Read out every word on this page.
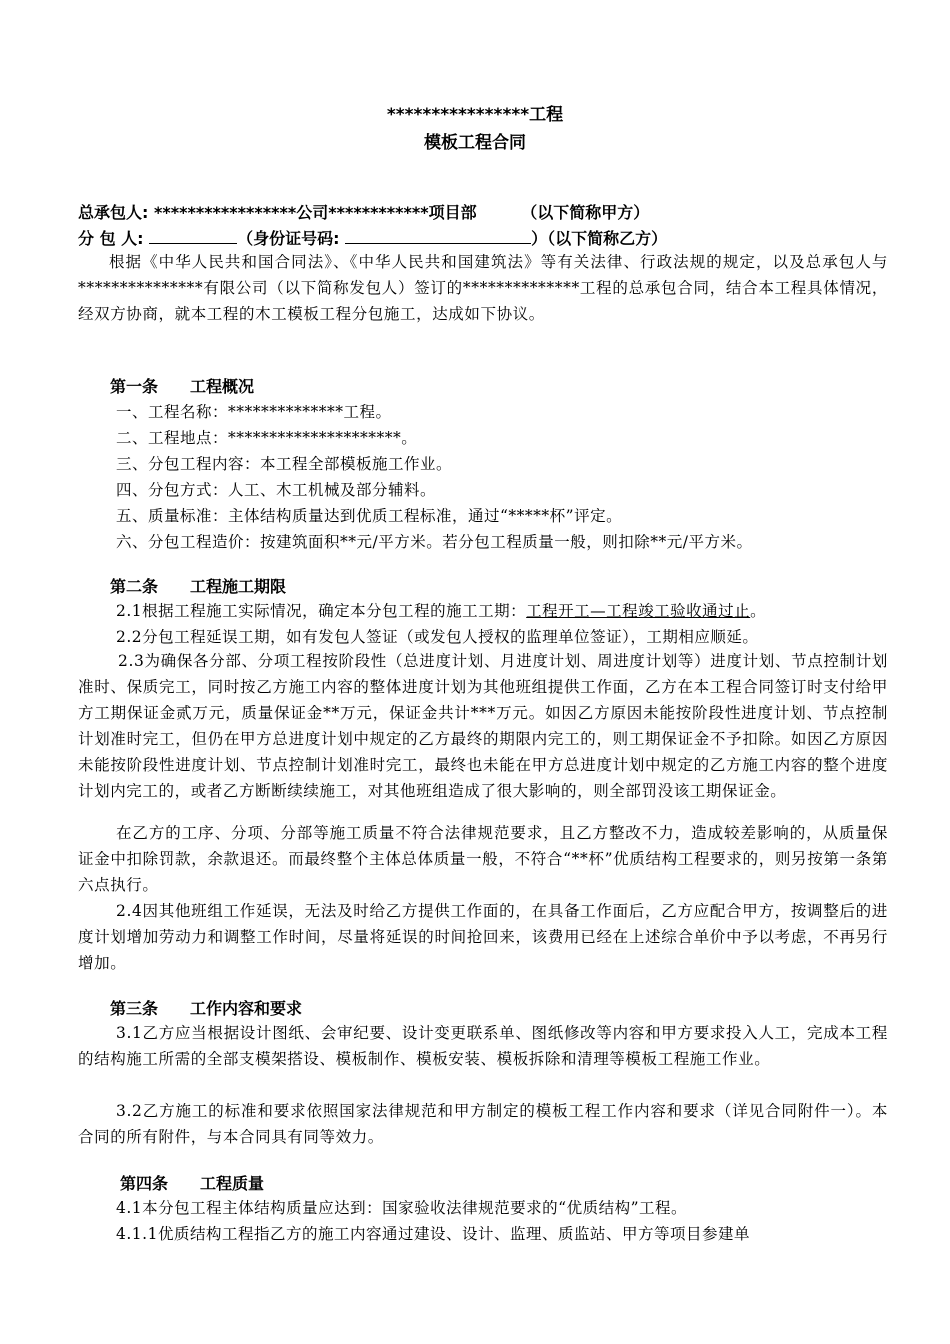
****************工程
模板工程合同
总承包人: *****************公司************项目部	（以下简称甲方）
分 包 人:	（身份证号码:	）（以下简称乙方）
根据《中华人民共和国合同法》、《中华人民共和国建筑法》等有关法律、行政法规的规定，以及总承包人与***************有限公司（以下简称发包人）签订的**************工程的总承包合同，结合本工程具体情况，经双方协商，就本工程的木工模板工程分包施工，达成如下协议。
第一条　　工程概况
一、工程名称：**************工程。
二、工程地点：*********************。
三、分包工程内容：本工程全部模板施工作业。
四、分包方式：人工、木工机械及部分辅料。
五、质量标准：主体结构质量达到优质工程标准，通过“*****杯”评定。
六、分包工程造价：按建筑面积**元/平方米。若分包工程质量一般，则扣除**元/平方米。
第二条　　工程施工期限
2.1根据工程施工实际情况，确定本分包工程的施工工期：工程开工—工程竣工验收通过止。
2.2分包工程延误工期，如有发包人签证（或发包人授权的监理单位签证），工期相应顺延。
2.3为确保各分部、分项工程按阶段性（总进度计划、月进度计划、周进度计划等）进度计划、节点控制计划准时、保质完工，同时按乙方施工内容的整体进度计划为其他班组提供工作面，乙方在本工程合同签订时支付给甲方工期保证金贰万元，质量保证金**万元，保证金共计***万元。如因乙方原因未能按阶段性进度计划、节点控制计划准时完工，但仍在甲方总进度计划中规定的乙方最终的期限内完工的，则工期保证金不予扣除。如因乙方原因未能按阶段性进度计划、节点控制计划准时完工，最终也未能在甲方总进度计划中规定的乙方施工内容的整个进度计划内完工的，或者乙方断断续续施工，对其他班组造成了很大影响的，则全部罚没该工期保证金。
在乙方的工序、分项、分部等施工质量不符合法律规范要求，且乙方整改不力，造成较差影响的，从质量保证金中扣除罚款，余款退还。而最终整个主体总体质量一般，不符合“**杯”优质结构工程要求的，则另按第一条第六点执行。
2.4因其他班组工作延误，无法及时给乙方提供工作面的，在具备工作面后，乙方应配合甲方，按调整后的进度计划增加劳动力和调整工作时间，尽量将延误的时间抢回来，该费用已经在上述综合单价中予以考虑，不再另行增加。
第三条　　工作内容和要求
3.1乙方应当根据设计图纸、会审纪要、设计变更联系单、图纸修改等内容和甲方要求投入人工，完成本工程的结构施工所需的全部支模架搭设、模板制作、模板安装、模板拆除和清理等模板工程施工作业。
3.2乙方施工的标准和要求依照国家法律规范和甲方制定的模板工程工作内容和要求（详见合同附件一）。本合同的所有附件，与本合同具有同等效力。
第四条　　工程质量
4.1本分包工程主体结构质量应达到：国家验收法律规范要求的“优质结构”工程。
4.1.1优质结构工程指乙方的施工内容通过建设、设计、监理、质监站、甲方等项目参建单
